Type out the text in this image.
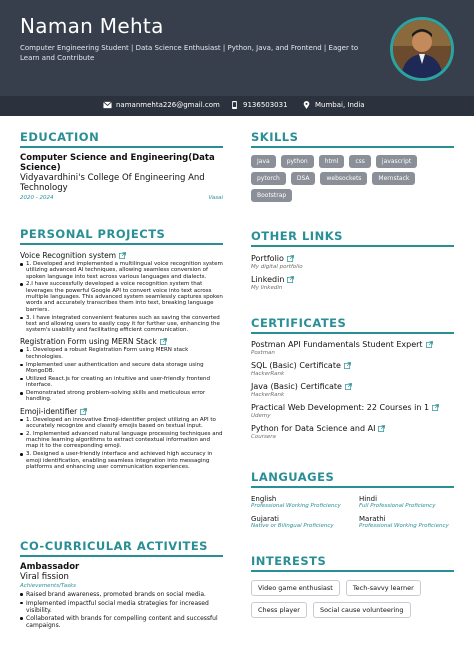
Naman Mehta
Computer Engineering Student | Data Science Enthusiast | Python, Java, and Frontend | Eager to Learn and Contribute
namanmehta226@gmail.com	9136503031	Mumbai, India
EDUCATION
Computer Science and Engineering(Data Science)
Vidyavardhini's College Of Engineering And Technology
2020 - 2024	Vasai
PERSONAL PROJECTS
Voice Recognition system
1. Developed and implemented a multilingual voice recognition system utilizing advanced AI techniques, allowing seamless conversion of spoken language into text across various languages and dialects.
2.I have successfully developed a voice recognition system that leverages the powerful Google API to convert voice into text across multiple languages. This advanced system seamlessly captures spoken words and accurately transcribes them into text, breaking language barriers.
3. I have integrated convenient features such as saving the converted text and allowing users to easily copy it for further use, enhancing the system's usability and facilitating efficient communication.
Registration Form using MERN Stack
1. Developed a robust Registration Form using MERN stack technologies.
Implemented user authentication and secure data storage using MongoDB.
Utilized React.js for creating an intuitive and user-friendly frontend interface.
Demonstrated strong problem-solving skills and meticulous error handling.
Emoji-identifier
1. Developed an innovative Emoji-identifier project utilizing an API to accurately recognize and classify emojis based on textual input.
2. Implemented advanced natural language processing techniques and machine learning algorithms to extract contextual information and map it to the corresponding emoji.
3. Designed a user-friendly interface and achieved high accuracy in emoji identification, enabling seamless integration into messaging platforms and enhancing user communication experiences.
CO-CURRICULAR ACTIVITES
Ambassador
Viral fission
Achievements/Tasks
Raised brand awareness, promoted brands on social media.
Implemented impactful social media strategies for increased visibility.
Collaborated with brands for compelling content and successful campaigns.
SKILLS
Java	python	html	css	javascript
pytorch	DSA	websockets	Mernstack
Bootstrap
OTHER LINKS
Portfolio
My digital portfolio
Linkedin
My linkedin
CERTIFICATES
Postman API Fundamentals Student Expert
Postman
SQL (Basic) Certificate
HackerRank
Java (Basic) Certificate
HackerRank
Practical Web Development: 22 Courses in 1
Udemy
Python for Data Science and AI
Coursera
LANGUAGES
English
Professional Working Proficiency
Hindi
Full Professional Proficiency
Gujarati
Native or Bilingual Proficiency
Marathi
Professional Working Proficiency
INTERESTS
Video game enthusiast	Tech-savvy learner
Chess player	Social cause volunteering
